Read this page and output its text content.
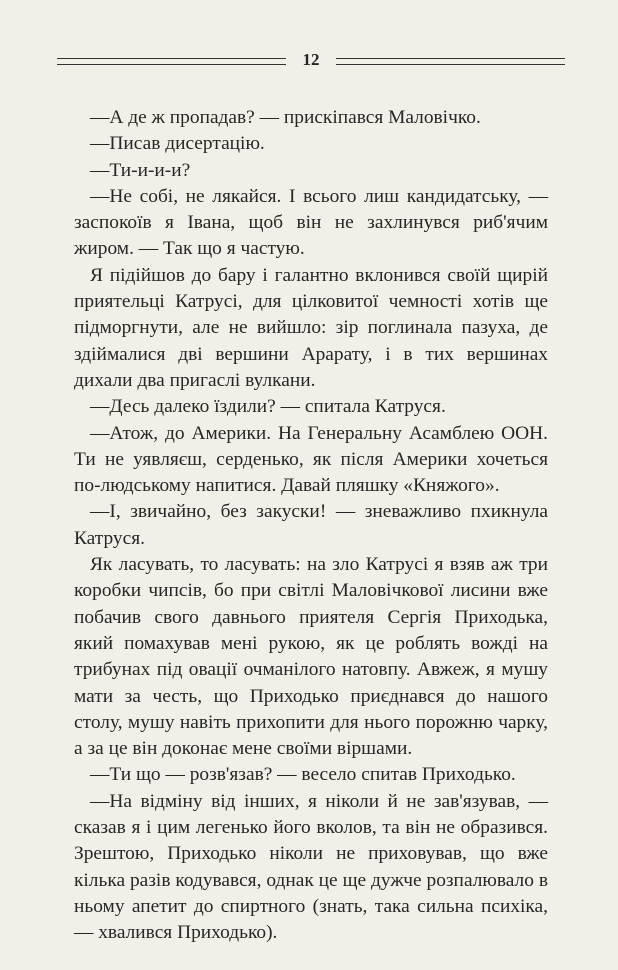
12

—А де ж пропадав? — прискіпався Маловічко.

—Писав дисертацію.

—Ти-и-и-и?

—Не собі, не лякайся. І всього лиш кандидатську, — заспокоїв я Івана, щоб він не захлинувся риб'ячим жиром. — Так що я частую.

Я підійшов до бару і галантно вклонився своїй щирій приятельці Катрусі, для цілковитої чемності хотів ще підморгнути, але не вийшло: зір поглинала пазуха, де здіймалися дві вершини Арарату, і в тих вершинах дихали два пригаслі вулкани.

—Десь далеко їздили? — спитала Катруся.

—Атож, до Америки. На Генеральну Асамблею ООН. Ти не уявляєш, серденько, як після Америки хочеться по-людському напитися. Давай пляшку «Княжого».

—І, звичайно, без закуски! — зневажливо пхикнула Катруся.

Як ласувать, то ласувать: на зло Катрусі я взяв аж три коробки чипсів, бо при світлі Маловічкової лисини вже побачив свого давнього приятеля Сергія Приходька, який помахував мені рукою, як це роблять вожді на трибунах під овації очманілого натовпу. Авжеж, я мушу мати за честь, що Приходько приєднався до нашого столу, мушу навіть прихопити для нього порожню чарку, а за це він доконає мене своїми віршами.

—Ти що — розв'язав? — весело спитав Приходько.

—На відміну від інших, я ніколи й не зав'язував, — сказав я і цим легенько його вколов, та він не образився. Зрештою, Приходько ніколи не приховував, що вже кілька разів кодувався, однак це ще дужче розпалювало в ньому апетит до спиртного (знать, така сильна психіка, — хвалився Приходько).
